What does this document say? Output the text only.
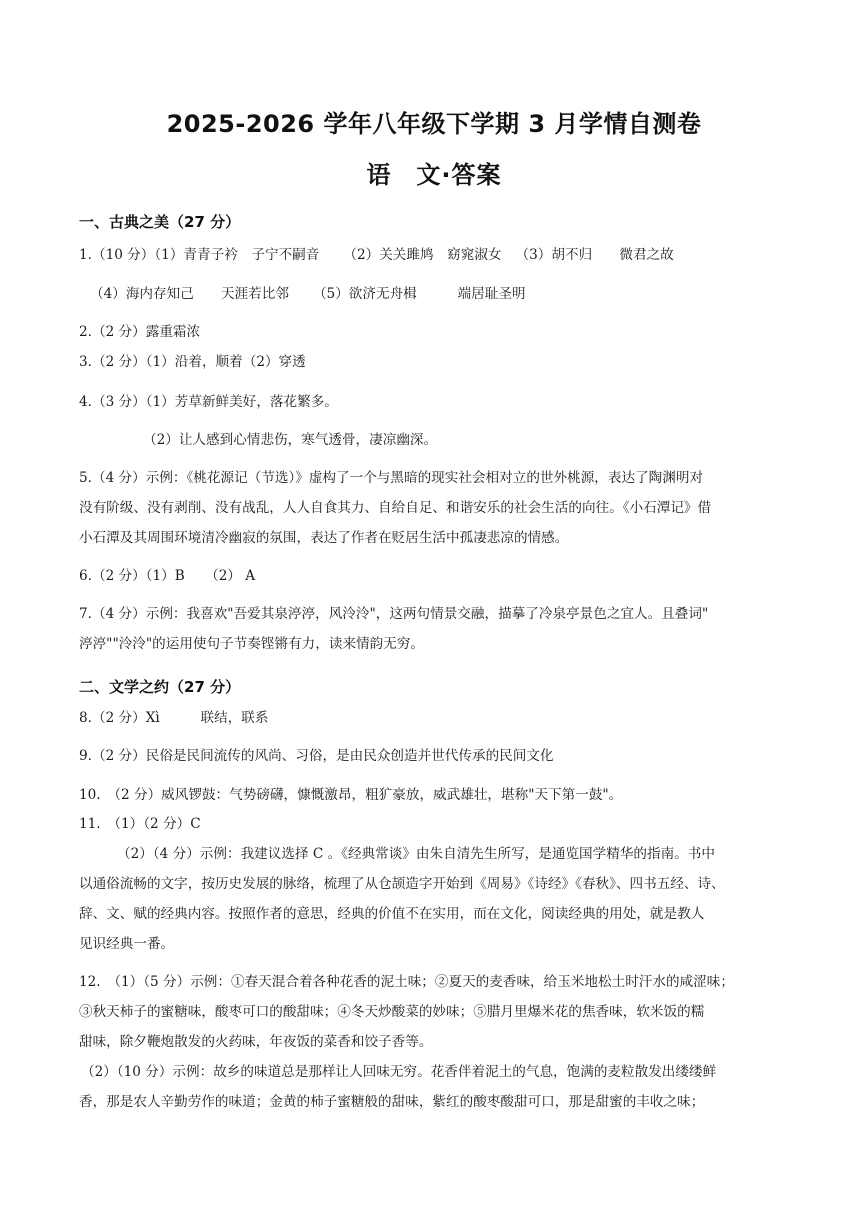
2025-2026 学年八年级下学期 3 月学情自测卷
语　文·答案
一、古典之美（27 分）
1.（10 分）（1）青青子衿　子宁不嗣音 （2）关关雎鸠　窈窕淑女 （3）胡不归　　微君之故
（4）海内存知己　　天涯若比邻 （5）欲济无舟楫　　　端居耻圣明
2.（2 分）露重霜浓
3.（2 分）（1）沿着，顺着（2）穿透
4.（3 分）（1）芳草新鲜美好，落花繁多。
（2）让人感到心情悲伤，寒气透骨，凄凉幽深。
5.（4 分）示例：《桃花源记（节选）》虚构了一个与黑暗的现实社会相对立的世外桃源，表达了陶渊明对
没有阶级、没有剥削、没有战乱，人人自食其力、自给自足、和谐安乐的社会生活的向往。《小石潭记》借
小石潭及其周围环境清冷幽寂的氛围，表达了作者在贬居生活中孤凄悲凉的情感。
6.（2 分）（1）B　　（2） A
7.（4 分）示例：我喜欢"吾爱其泉渟渟，风泠泠"，这两句情景交融，描摹了冷泉亭景色之宜人。且叠词"
渟渟""泠泠"的运用使句子节奏铿锵有力，读来情韵无穷。
二、文学之约（27 分）
8.（2 分）Xì　　　联结，联系
9.（2 分）民俗是民间流传的风尚、习俗，是由民众创造并世代传承的民间文化
10.　（2 分）威风锣鼓：气势磅礴，慷慨激昂，粗犷豪放，威武雄壮，堪称"天下第一鼓"。
11.　（1）（2 分）C
（2）（4 分）示例：我建议选择 C 。《经典常谈》由朱自清先生所写，是通览国学精华的指南。书中
以通俗流畅的文字，按历史发展的脉络，梳理了从仓颉造字开始到《周易》《诗经》《春秋》、四书五经、诗、
辞、文、赋的经典内容。按照作者的意思，经典的价值不在实用，而在文化，阅读经典的用处，就是教人
见识经典一番。
12.　（1）（5 分）示例：①春天混合着各种花香的泥土味；②夏天的麦香味，给玉米地松土时汗水的咸涩味；
③秋天柿子的蜜糖味，酸枣可口的酸甜味；④冬天炒酸菜的妙味；⑤腊月里爆米花的焦香味，软米饭的糯
甜味，除夕鞭炮散发的火药味，年夜饭的菜香和饺子香等。
（2）（10 分）示例：故乡的味道总是那样让人回味无穷。花香伴着泥土的气息，饱满的麦粒散发出缕缕鲜
香，那是农人辛勤劳作的味道；金黄的柿子蜜糖般的甜味，紫红的酸枣酸甜可口，那是甜蜜的丰收之味；
